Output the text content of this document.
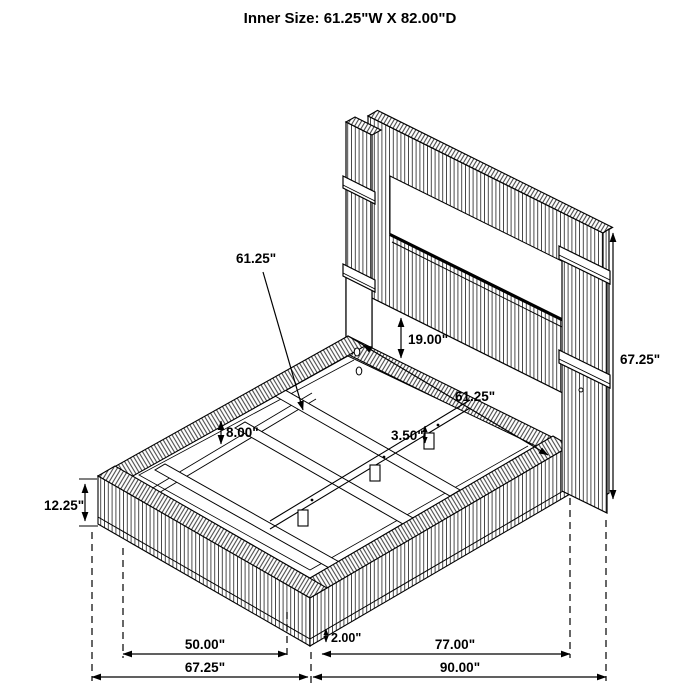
Inner Size: 61.25"W X 82.00"D
61.25"
19.00"
67.25"
8.00"	3.50"
61.25"
12.25"
2.00"
50.00"	77.00"
67.25"	90.00"
